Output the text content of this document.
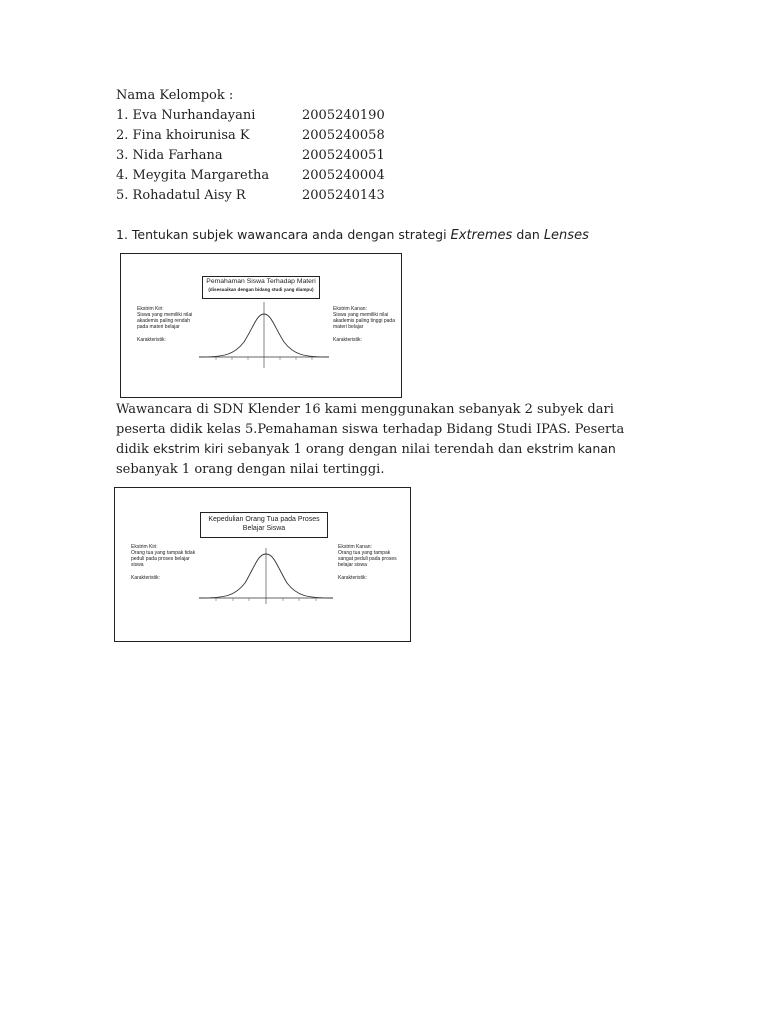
Nama Kelompok :
1. Eva Nurhandayani	2005240190
2. Fina khoirunisa K	2005240058
3. Nida Farhana	2005240051
4. Meygita Margaretha	2005240004
5. Rohadatul Aisy R	2005240143
1. Tentukan subjek wawancara anda dengan strategi Extremes dan Lenses
Pemahaman Siswa Terhadap Materi
(disesuaikan dengan bidang studi yang diampu)
Ekstrim Kiri:
Siswa yang memiliki nilai akademis paling rendah pada materi belajar
Karakteristik:
Ekstrim Kanan:
Siswa yang memiliki nilai akademis paling tinggi pada materi belajar
Karakteristik:

Wawancara di SDN Klender 16 kami menggunakan sebanyak 2 subyek dari peserta didik kelas 5.Pemahaman siswa terhadap Bidang Studi IPAS. Peserta didik ekstrim kiri sebanyak 1 orang dengan nilai terendah dan ekstrim kanan sebanyak 1 orang dengan nilai tertinggi.

Kepedulian Orang Tua pada Proses Belajar Siswa
Ekstrim Kiri:
Orang tua yang tampak tidak peduli pada proses belajar siswa
Karakteristik:
Ekstrim Kanan:
Orang tua yang tampak sangat peduli pada proses belajar siswa
Karakteristik:
